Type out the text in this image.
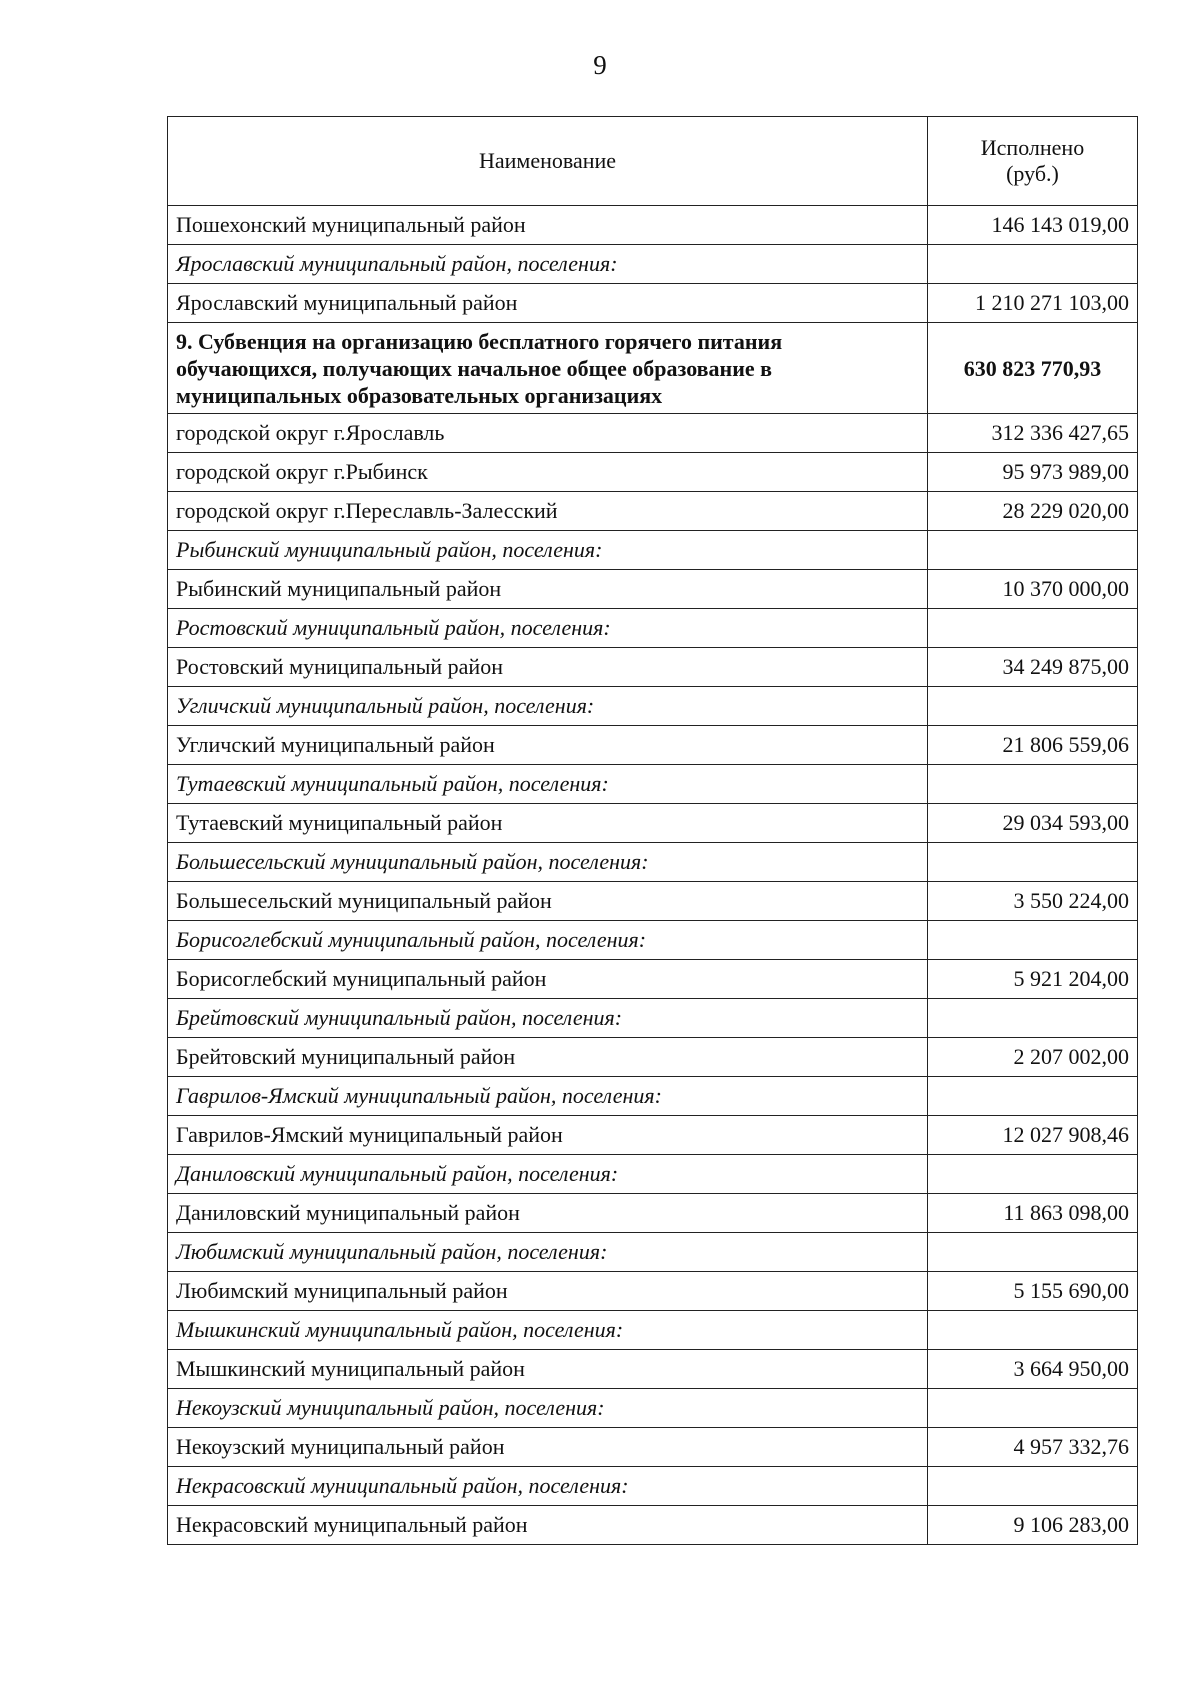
9
Наименование	Исполнено
(руб.)

Пошехонский муниципальный район	146 143 019,00
Ярославский муниципальный район, поселения:	
Ярославский муниципальный район	1 210 271 103,00
9. Субвенция на организацию бесплатного горячего питания обучающихся, получающих начальное общее образование в муниципальных образовательных организациях	630 823 770,93
городской округ г.Ярославль	312 336 427,65
городской округ г.Рыбинск	95 973 989,00
городской округ г.Переславль-Залесский	28 229 020,00
Рыбинский муниципальный район, поселения:	
Рыбинский муниципальный район	10 370 000,00
Ростовский муниципальный район, поселения:	
Ростовский муниципальный район	34 249 875,00
Угличский муниципальный район, поселения:	
Угличский муниципальный район	21 806 559,06
Тутаевский муниципальный район, поселения:	
Тутаевский муниципальный район	29 034 593,00
Большесельский муниципальный район, поселения:	
Большесельский муниципальный район	3 550 224,00
Борисоглебский муниципальный район, поселения:	
Борисоглебский муниципальный район	5 921 204,00
Брейтовский муниципальный район, поселения:	
Брейтовский муниципальный район	2 207 002,00
Гаврилов-Ямский муниципальный район, поселения:	
Гаврилов-Ямский муниципальный район	12 027 908,46
Даниловский муниципальный район, поселения:	
Даниловский муниципальный район	11 863 098,00
Любимский муниципальный район, поселения:	
Любимский муниципальный район	5 155 690,00
Мышкинский муниципальный район, поселения:	
Мышкинский муниципальный район	3 664 950,00
Некоузский муниципальный район, поселения:	
Некоузский муниципальный район	4 957 332,76
Некрасовский муниципальный район, поселения:	
Некрасовский муниципальный район	9 106 283,00
